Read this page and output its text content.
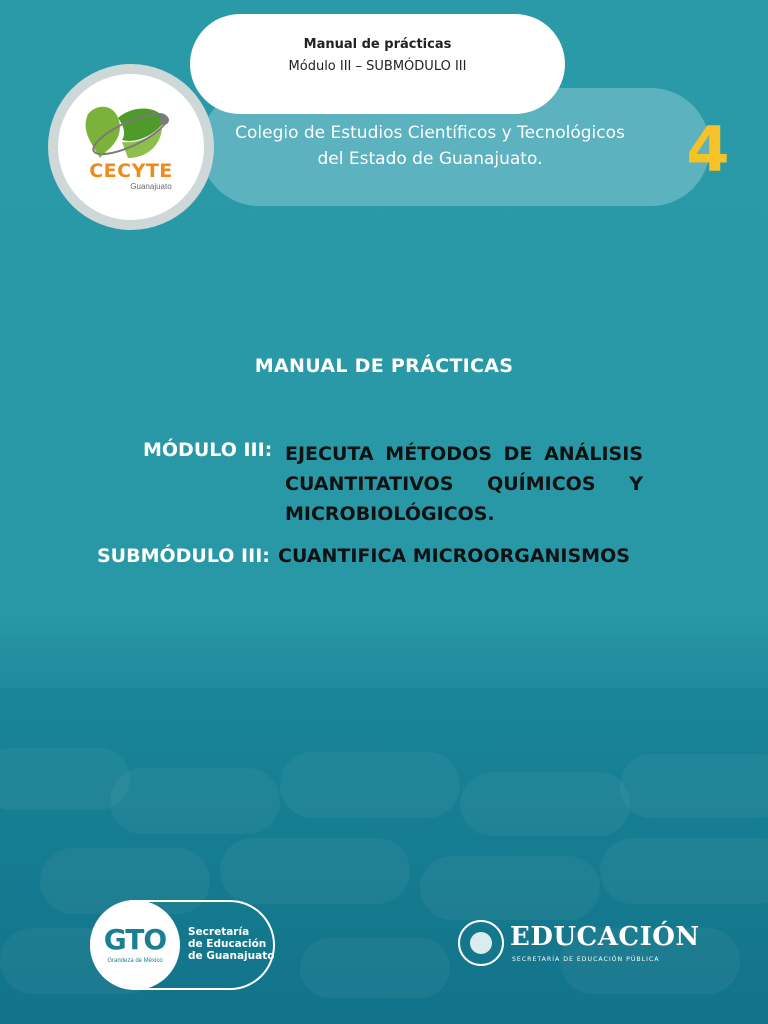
Manual de prácticas
Módulo III – SUBMÓDULO III
Colegio de Estudios Científicos y Tecnológicos
del Estado de Guanajuato.	4
CECYTE
Guanajuato
MANUAL DE PRÁCTICAS
MÓDULO III: EJECUTA MÉTODOS DE ANÁLISIS CUANTITATIVOS QUÍMICOS Y MICROBIOLÓGICOS.
SUBMÓDULO III: CUANTIFICA MICROORGANISMOS
GTO
Grandeza de México
Secretaría
de Educación
de Guanajuato
EDUCACIÓN
SECRETARÍA DE EDUCACIÓN PÚBLICA
